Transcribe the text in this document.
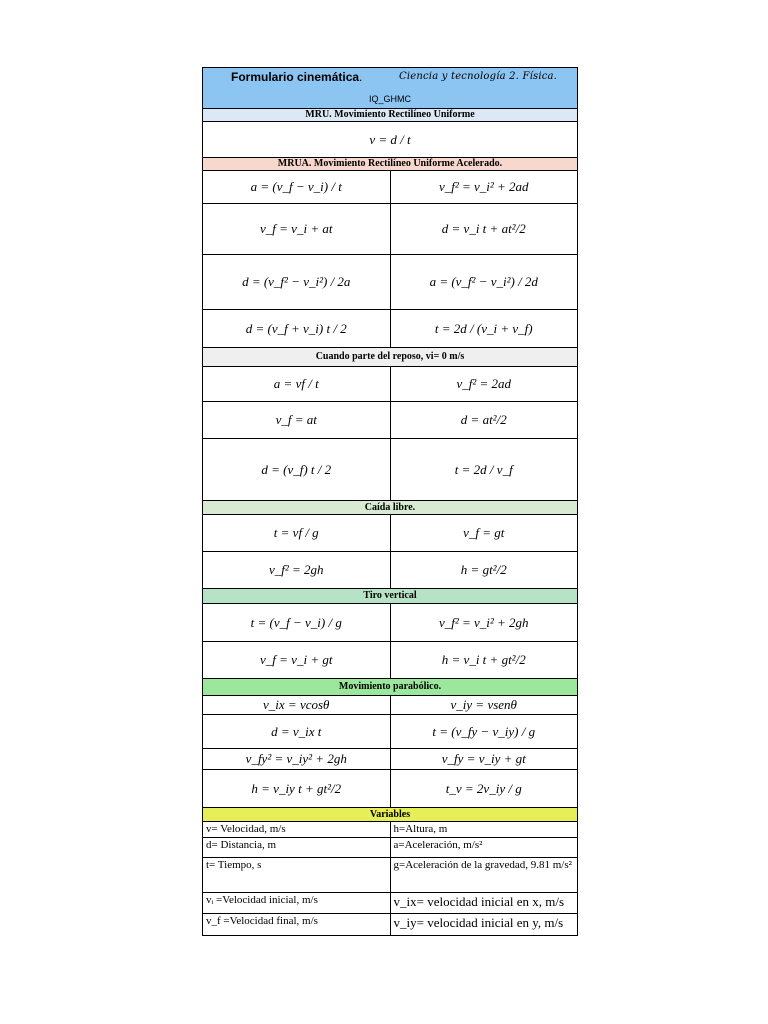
Formulario cinemática.	Ciencia y tecnología 2. Física.
IQ_GHMC
MRU. Movimiento Rectilíneo Uniforme
v = d / t
MRUA. Movimiento Rectilíneo Uniforme Acelerado.
a = (v_f − v_i) / t	v_f² = v_i² + 2ad
v_f = v_i + at	d = v_i t + at²/2
d = (v_f² − v_i²) / 2a	a = (v_f² − v_i²) / 2d
d = (v_f + v_i) t / 2	t = 2d / (v_i + v_f)
Cuando parte del reposo, vi= 0 m/s
a = vf / t	v_f² = 2ad
v_f = at	d = at²/2
d = (v_f) t / 2	t = 2d / v_f
Caída libre.
t = vf / g	v_f = gt
v_f² = 2gh	h = gt²/2
Tiro vertical
t = (v_f − v_i) / g	v_f² = v_i² + 2gh
v_f = v_i + gt	h = v_i t + gt²/2
Movimiento parabólico.
v_ix = vcosθ	v_iy = vsenθ
d = v_ix t	t = (v_fy − v_iy) / g
v_fy² = v_iy² + 2gh	v_fy = v_iy + gt
h = v_iy t + gt²/2	t_v = 2v_iy / g
Variables
v= Velocidad, m/s	h=Altura, m
d= Distancia, m	a=Aceleración, m/s²
t= Tiempo, s	g=Aceleración de la gravedad, 9.81 m/s²
vᵢ =Velocidad inicial, m/s	v_ix= velocidad inicial en x, m/s
v_f =Velocidad final, m/s	v_iy= velocidad inicial en y, m/s
